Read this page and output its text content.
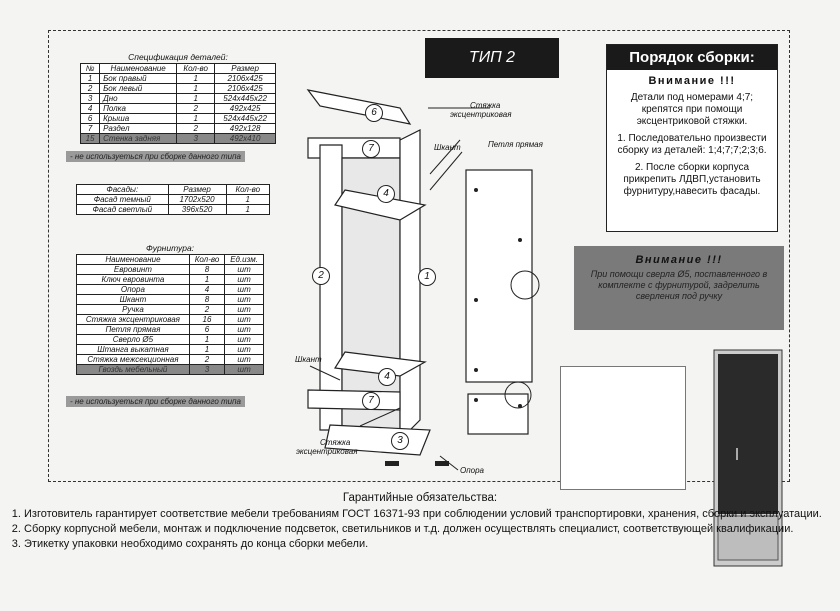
Спецификация деталей:
№	Наименование	Кол-во	Размер
1	Бок правый	1	2106x425
2	Бок левый	1	2106x425
3	Дно	1	524x445x22
4	Полка	2	492x425
6	Крыша	1	524x445x22
7	Раздел	2	492x128
15	Стенка задняя	3	492x410
- не используеться при сборке данного типа
Фасады:	Размер	Кол-во
Фасад темный	1702x520	1
Фасад светлый	396x520	1
Фурнитура:
Наименование	Кол-во	Ед.изм.
Евровинт	8	шт
Ключ евровинта	1	шт
Опора	4	шт
Шкант	8	шт
Ручка	2	шт
Стяжка эксцентриковая	16	шт
Петля прямая	6	шт
Сверло Ø5	1	шт
Штанга выкатная	1	шт
Стяжка межсекционная	2	шт
Гвоздь мебельный	3	шт
- не используеться при сборке данного типа
ТИП 2
6
7
4
2	1
4
7
3
Стяжка
эксцентриковая
Шкант	Петля прямая
Шкант
Стяжка
эксцентриковая
Опора
Порядок сборки:
Внимание !!!

Детали под номерами 4;7; крепятся при помощи эксцентриковой стяжки.

1. Последовательно произвести сборку из деталей: 1;4;7;7;2;3;6.

2. После сборки корпуса прикрепить ЛДВП,установить фурнитуру,навесить фасады.

Внимание !!!
При помощи сверла Ø5, поставленного в комплекте с фурнитурой, задрелить сверления под ручку
Гарантийные обязательства:
1. Изготовитель гарантирует соответствие мебели требованиям ГОСТ 16371-93 при соблюдении условий транспортировки, хранения, сборки и эксплуатации.
2. Сборку корпусной мебели, монтаж и подключение подсветок, светильников и т.д. должен осуществлять специалист, соответствующей квалификации.
3. Этикетку упаковки необходимо сохранять до конца сборки мебели.
